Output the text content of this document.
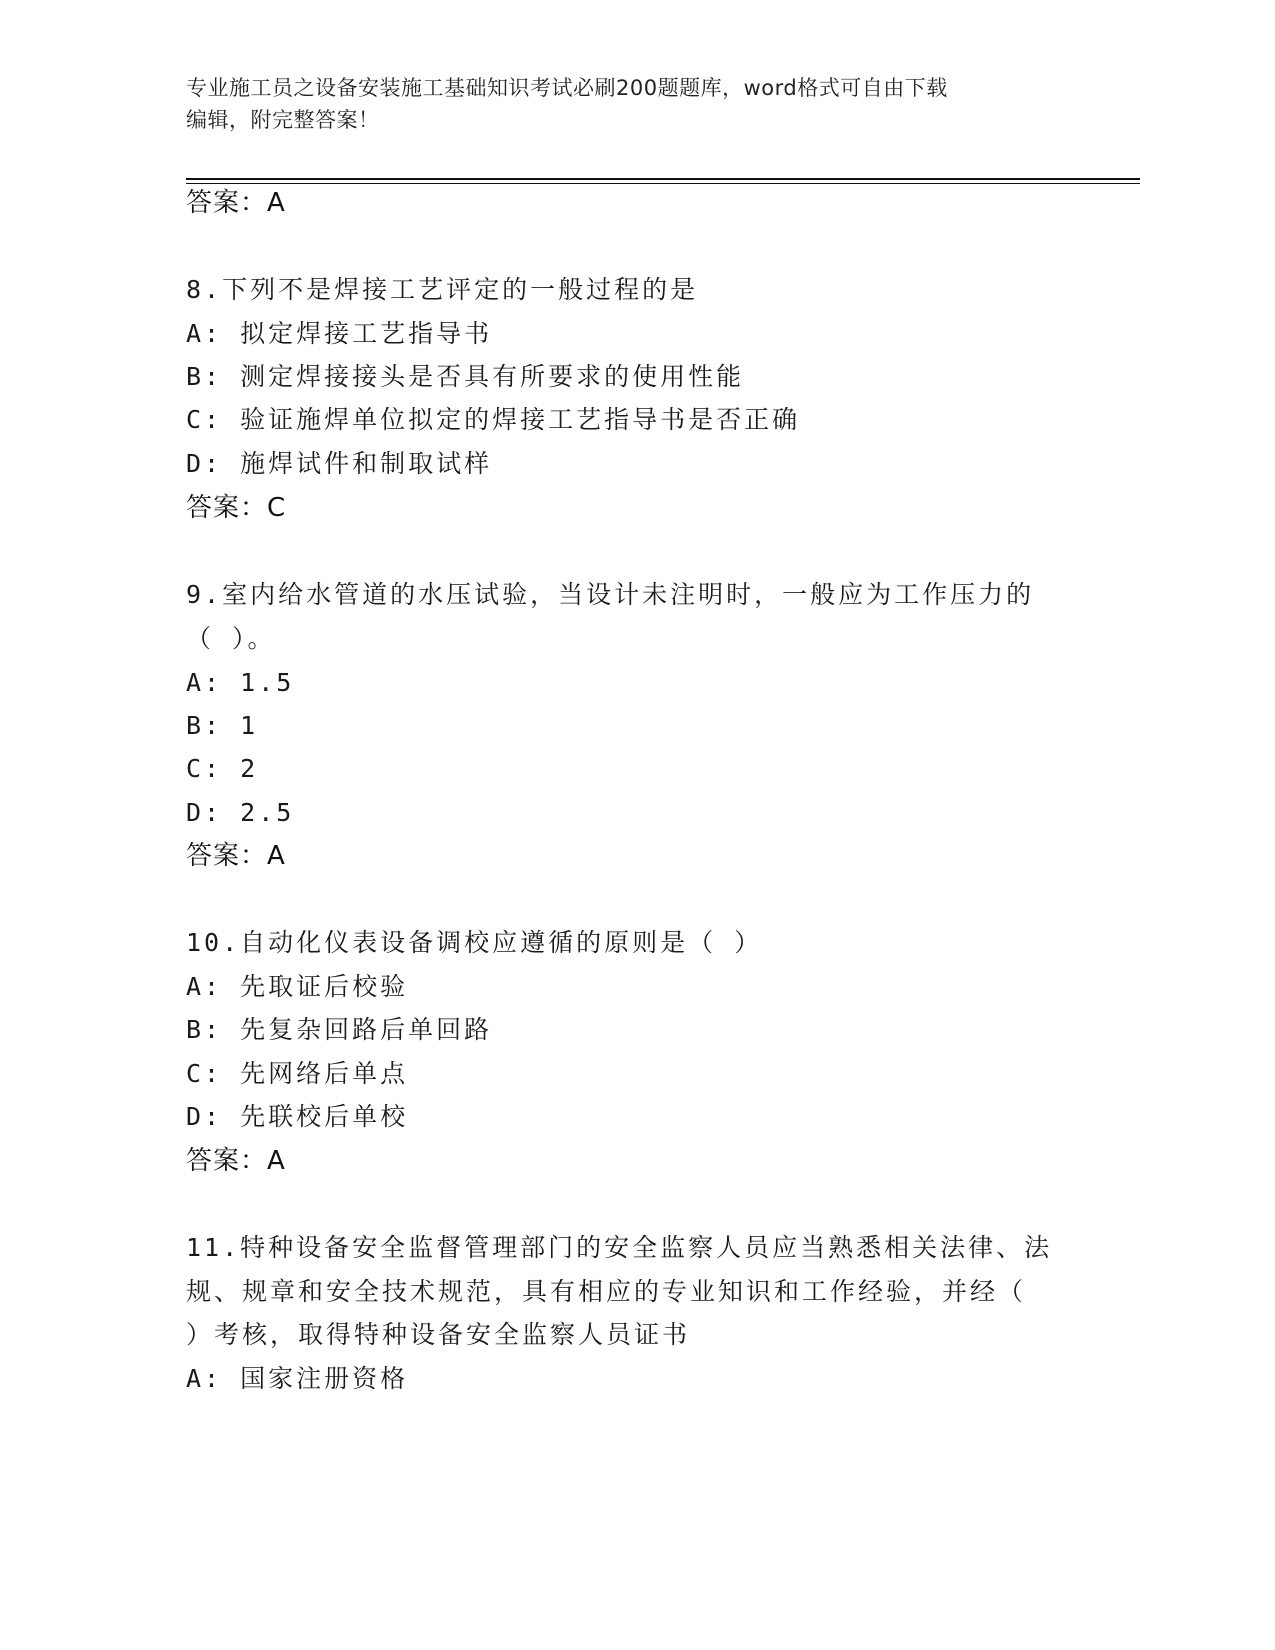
专业施工员之设备安装施工基础知识考试必刷200题题库，word格式可自由下载
编辑，附完整答案！
答案：A
8.下列不是焊接工艺评定的一般过程的是
A: 拟定焊接工艺指导书
B: 测定焊接接头是否具有所要求的使用性能
C: 验证施焊单位拟定的焊接工艺指导书是否正确
D: 施焊试件和制取试样
答案：C
9.室内给水管道的水压试验，当设计未注明时，一般应为工作压力的
（ ）。
A: 1.5
B: 1
C: 2
D: 2.5
答案：A
10.自动化仪表设备调校应遵循的原则是（ ）
A: 先取证后校验
B: 先复杂回路后单回路
C: 先网络后单点
D: 先联校后单校
答案：A
11.特种设备安全监督管理部门的安全监察人员应当熟悉相关法律、法
规、规章和安全技术规范，具有相应的专业知识和工作经验，并经（
）考核，取得特种设备安全监察人员证书
A: 国家注册资格
